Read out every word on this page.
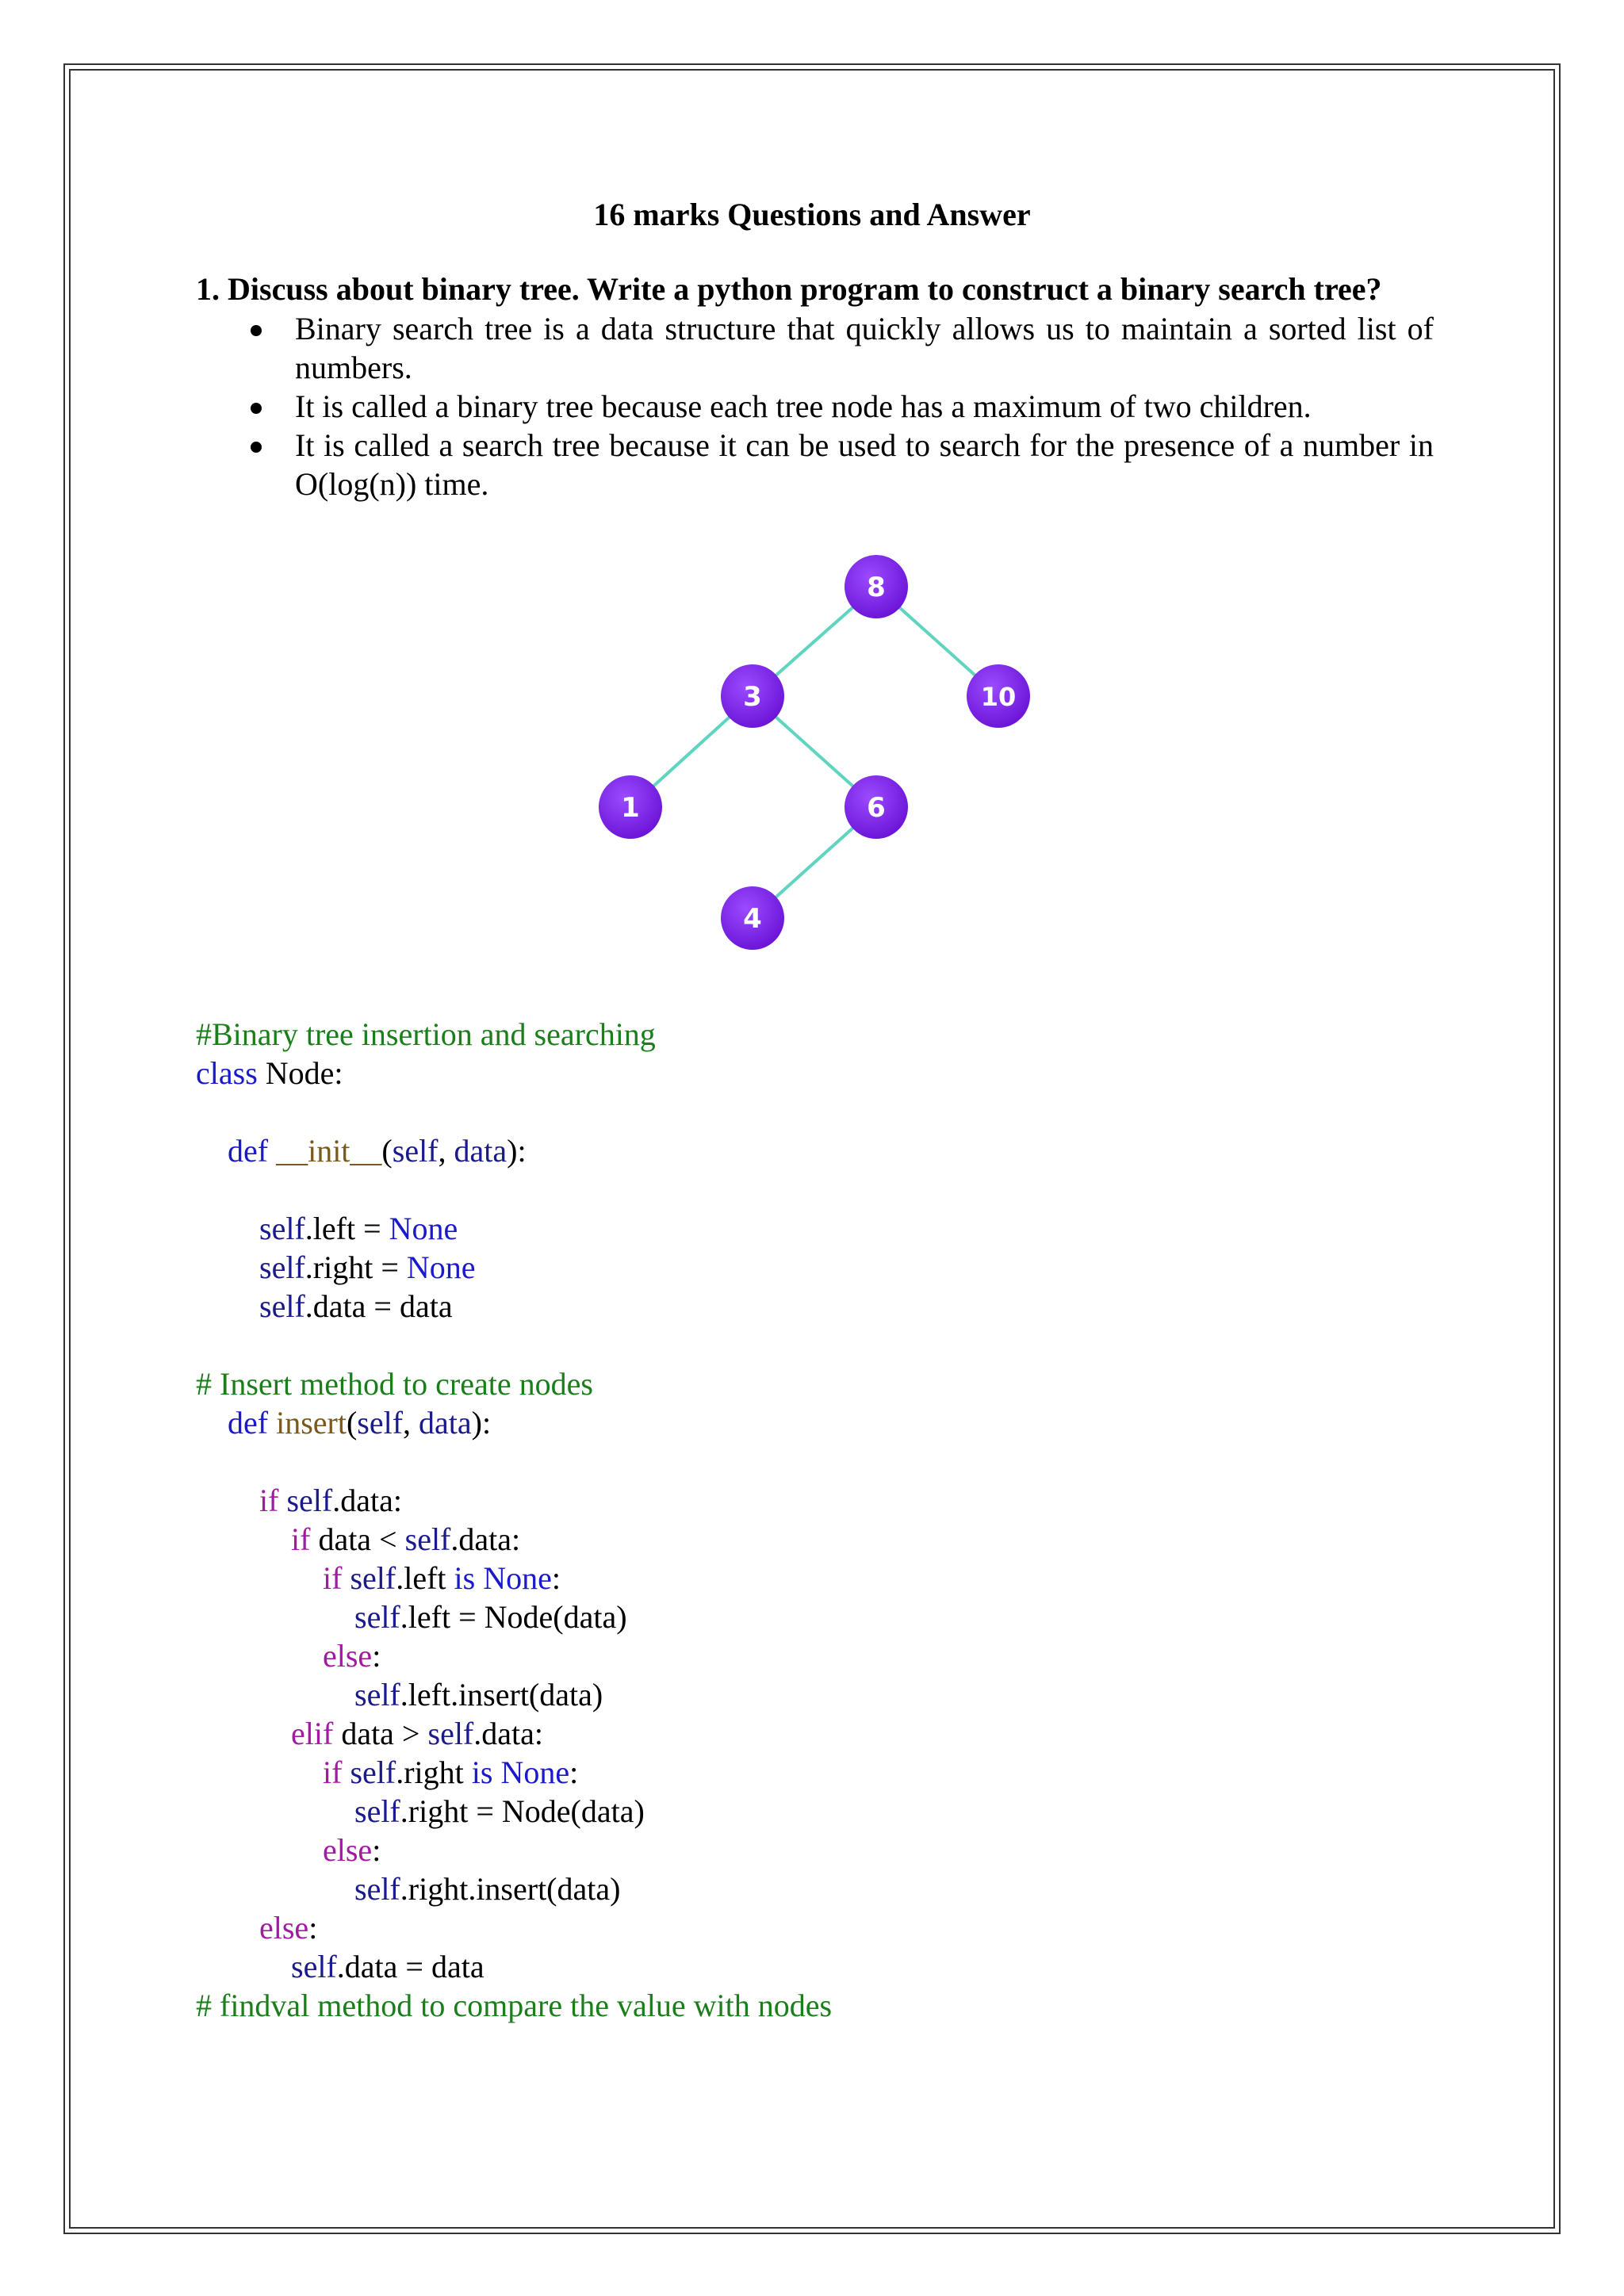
16 marks Questions and Answer
1. Discuss about binary tree. Write a python program to construct a binary search tree?
Binary search tree is a data structure that quickly allows us to maintain a sorted list of numbers.
It is called a binary tree because each tree node has a maximum of two children.
It is called a search tree because it can be used to search for the presence of a number in O(log(n)) time.
8
3	10
1	6
4
#Binary tree insertion and searching
class Node:
def __init__(self, data):
self.left = None
self.right = None
self.data = data
# Insert method to create nodes
def insert(self, data):
if self.data:
if data < self.data:
if self.left is None:
self.left = Node(data)
else:
self.left.insert(data)
elif data > self.data:
if self.right is None:
self.right = Node(data)
else:
self.right.insert(data)
else:
self.data = data
# findval method to compare the value with nodes
